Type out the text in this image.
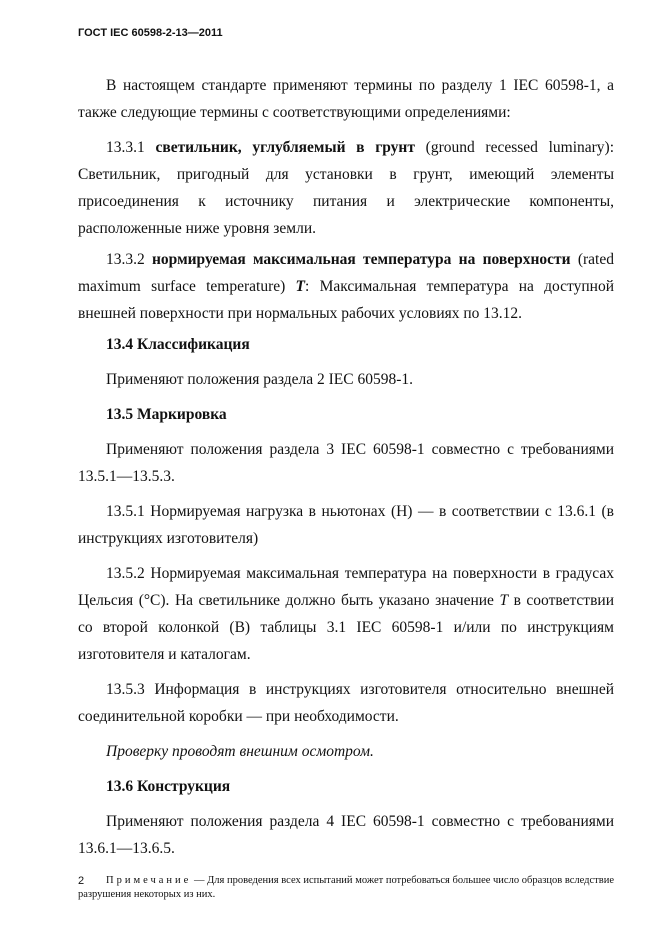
ГОСТ IEC 60598-2-13—2011

В настоящем стандарте применяют термины по разделу 1 IEC 60598-1, а также следующие термины с соответствующими определениями:

13.3.1 светильник, углубляемый в грунт (ground recessed luminary): Светильник, пригодный для установки в грунт, имеющий элементы присоединения к источнику питания и электрические компоненты, расположенные ниже уровня земли.

13.3.2 нормируемая максимальная температура на поверхности (rated maximum surface temperature) T: Максимальная температура на доступной внешней поверхности при нормальных рабочих условиях по 13.12.

13.4 Классификация

Применяют положения раздела 2 IEC 60598-1.

13.5 Маркировка

Применяют положения раздела 3 IEC 60598-1 совместно с требованиями 13.5.1—13.5.3.

13.5.1 Нормируемая нагрузка в ньютонах (Н) — в соответствии с 13.6.1 (в инструкциях изготовителя)

13.5.2 Нормируемая максимальная температура на поверхности в градусах Цельсия (°С). На светильнике должно быть указано значение T в соответствии со второй колонкой (В) таблицы 3.1 IEC 60598-1 и/или по инструкциям изготовителя и каталогам.

13.5.3 Информация в инструкциях изготовителя относительно внешней соединительной коробки — при необходимости.

Проверку проводят внешним осмотром.

13.6 Конструкция

Применяют положения раздела 4 IEC 60598-1 совместно с требованиями 13.6.1—13.6.5.

Примечание — Для проведения всех испытаний может потребоваться большее число образцов вследствие разрушения некоторых из них.

2
